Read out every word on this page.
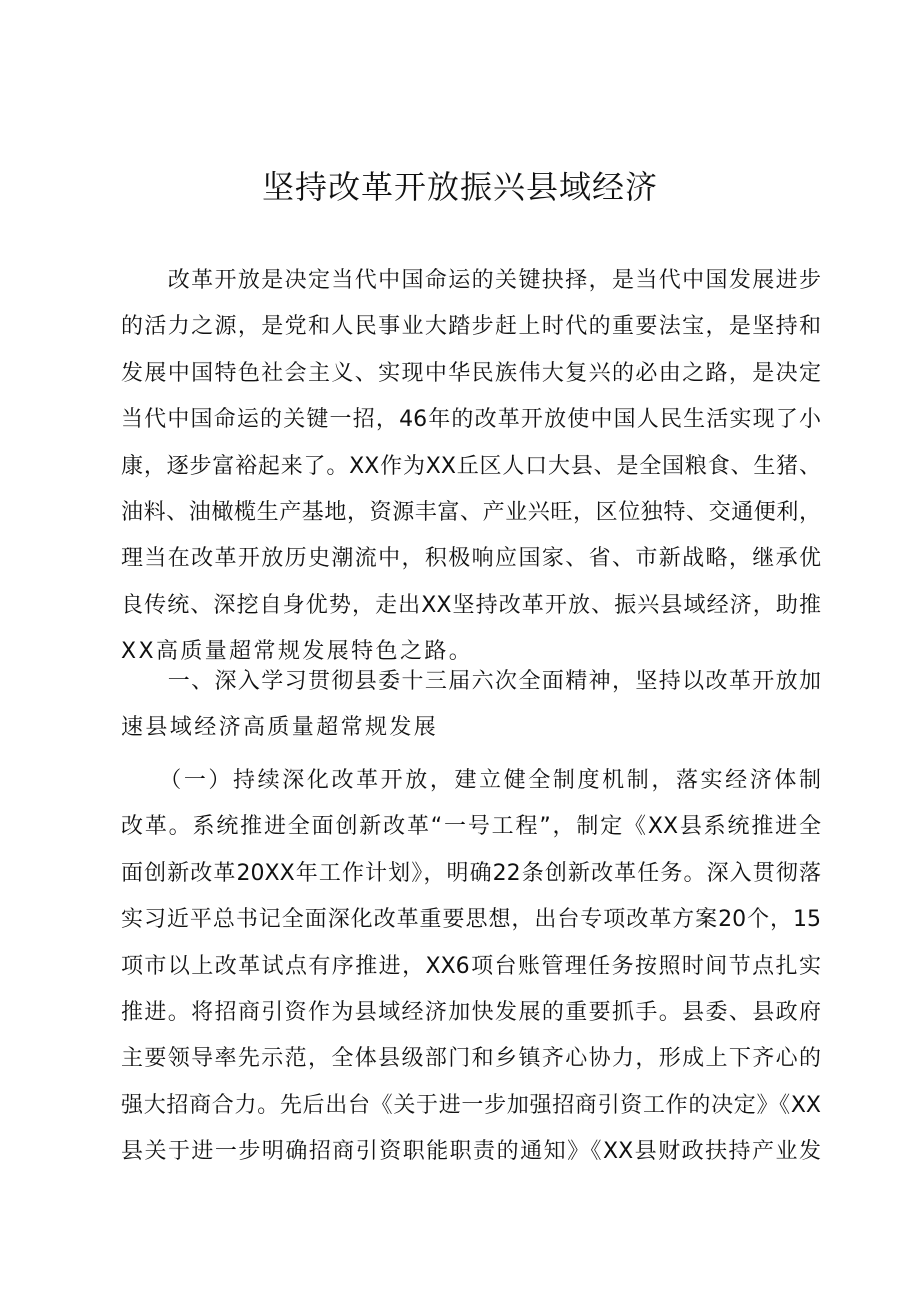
坚持改革开放振兴县域经济
　　改革开放是决定当代中国命运的关键抉择，是当代中国发展进步
的活力之源，是党和人民事业大踏步赶上时代的重要法宝，是坚持和
发展中国特色社会主义、实现中华民族伟大复兴的必由之路，是决定
当代中国命运的关键一招，46年的改革开放使中国人民生活实现了小
康，逐步富裕起来了。XX作为XX丘区人口大县、是全国粮食、生猪、
油料、油橄榄生产基地，资源丰富、产业兴旺，区位独特、交通便利，
理当在改革开放历史潮流中，积极响应国家、省、市新战略，继承优
良传统、深挖自身优势，走出XX坚持改革开放、振兴县域经济，助推
XX高质量超常规发展特色之路。
　　一、深入学习贯彻县委十三届六次全面精神，坚持以改革开放加
速县域经济高质量超常规发展
　　（一）持续深化改革开放，建立健全制度机制，落实经济体制
改革。系统推进全面创新改革“一号工程”，制定《XX县系统推进全
面创新改革20XX年工作计划》，明确22条创新改革任务。深入贯彻落
实习近平总书记全面深化改革重要思想，出台专项改革方案20个，15
项市以上改革试点有序推进，XX6项台账管理任务按照时间节点扎实
推进。将招商引资作为县域经济加快发展的重要抓手。县委、县政府
主要领导率先示范，全体县级部门和乡镇齐心协力，形成上下齐心的
强大招商合力。先后出台《关于进一步加强招商引资工作的决定》《XX
县关于进一步明确招商引资职能职责的通知》《XX县财政扶持产业发
